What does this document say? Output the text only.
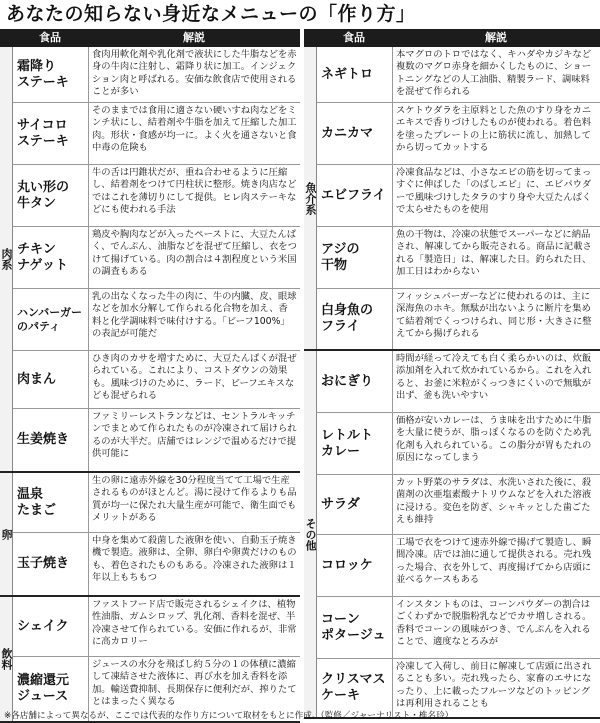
あなたの知らない身近なメニューの「作り方」
食品	解説
肉系
霜降り
ステーキ
食肉用軟化剤や乳化剤で液状にした牛脂などを赤身の牛肉に注射し、霜降り状に加工。インジェクション肉と呼ばれる。安価な飲食店で使用されることが多い
サイコロ
ステーキ
そのままでは食用に適さない硬いすね肉などをミンチ状にし、結着剤や牛脂を加えて圧縮した加工肉。形状・食感が均一に。よく火を通さないと食中毒の危険も
丸い形の
牛タン
牛の舌は円錐状だが、重ね合わせるように圧縮し、結着剤をつけて円柱状に整形。焼き肉店などではこれを薄切りにして提供。ヒレ肉ステーキなどにも使われる手法
チキン
ナゲット
鶏皮や胸肉などが入ったペーストに、大豆たんぱく、でんぷん、油脂などを混ぜて圧縮し、衣をつけて揚げている。肉の割合は４割程度という米国の調査もある
ハンバーガー
のパティ
乳の出なくなった牛の肉に、牛の内臓、皮、眼球などを加水分解して作られる化合物を加え、香料と化学調味料で味付けする。「ビーフ100%」の表記が可能だ
肉まん
ひき肉のカサを増すために、大豆たんぱくが混ぜられている。これにより、コストダウンの効果も。風味づけのために、ラード、ビーフエキスなども混ぜられる
生姜焼き
ファミリーレストランなどは、セントラルキッチンでまとめて作られたものが冷凍されて届けられるのが大半だ。店舗ではレンジで温めるだけで提供可能に
卵
温泉
たまご
生の卵に遠赤外線を30分程度当てて工場で生産されるものがほとんど。湯に浸けて作るよりも品質が均一に保たれ大量生産が可能で、衛生面でもメリットがある
玉子焼き
中身を集めて殺菌した液卵を使い、自動玉子焼き機で製造。液卵は、全卵、卵白や卵黄だけのものも、着色されたものもある。冷凍された液卵は１年以上もちもつ
飲料
シェイク
ファストフード店で販売されるシェイクは、植物性油脂、ガムシロップ、乳化剤、香料を混ぜ、半冷凍させて作られている。安価に作れるが、非常に高カロリー
濃縮還元
ジュース
ジュースの水分を飛ばし約５分の１の体積に濃縮して凍結させた液体に、再び水を加え香料を添加。輸送費抑制、長期保存に便利だが、搾りたてとはまったく異なる
食品	解説
魚介系
ネギトロ
本マグロのトロではなく、キハダやカジキなど複数のマグロ赤身を細かくしたものに、ショートニングなどの人工油脂、精製ラード、調味料を混ぜて作られる
カニカマ
スケトウダラを主原料とした魚のすり身をカニエキスで香りづけしたものが使われる。着色料を塗ったプレートの上に筋状に流し、加熱してから切ってカットする
エビフライ
冷凍食品などは、小さなエビの筋を切ってまっすぐに伸ばした「のばしエビ」に、エビパウダーで風味づけしたタラのすり身や大豆たんぱくで太らせたものを使用
アジの
干物
魚の干物は、冷凍の状態でスーパーなどに納品され、解凍してから販売される。商品に記載される「製造日」は、解凍した日。釣られた日、加工日はわからない
白身魚の
フライ
フィッシュバーガーなどに使われるのは、主に深海魚のホキ。無駄が出ないように断片を集めて結着剤でくっつけられ、同じ形・大きさに整えてから揚げられる
その他
おにぎり
時間が経って冷えても白く柔らかいのは、炊飯添加剤を入れて炊かれているから。これを入れると、お釜に米粒がくっつきにくいので無駄が出ず、釜も洗いやすい
レトルト
カレー
価格が安いカレーは、うま味を出すために牛脂を大量に使うが、脂っぽくなるのを防ぐため乳化剤も入れられている。この脂分が胃もたれの原因になってしまう
サラダ
カット野菜のサラダは、水洗いされた後に、殺菌剤の次亜塩素酸ナトリウムなどを入れた溶液に浸ける。変色を防ぎ、シャキッとした歯ごたえも維持
コロッケ
工場で衣をつけて速赤外線で揚げて製造し、瞬間冷凍。店では油に通して提供される。売れ残った場合、衣を外して、再度揚げてから店頭に並べるケースもある
コーン
ポタージュ
インスタントものは、コーンパウダーの割合はごくわずかで脱脂粉乳などでカサ増しされる。香料でコーンの風味がつき、でんぷんを入れることで、適度なとろみが
クリスマス
ケーキ
冷凍して入荷し、前日に解凍して店頭に出されることも多い。売れ残ったら、家畜のエサになったり、上に載ったフルーツなどのトッピングは再利用されることも
※各店舗によって異なるが、ここでは代表的な作り方について取材をもとに作成。（監修／ジャーナリスト・椎名玲）
